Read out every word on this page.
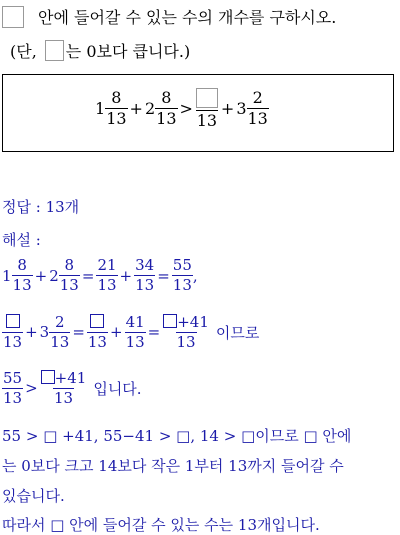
안에 들어갈 수 있는 수의 개수를 구하시오.
(단, 는 0보다 큽니다.)
$1 \frac{8}{13} + 2 \frac{8}{13}$ >
13
+ $3 \frac{2}{13}$
정답 : 13개
해설 :
$1 \frac{8}{13} + 2 \frac{8}{13} = \frac{21}{13} + \frac{34}{13} = \frac{55}{13}$ ,
13
+ $3 \frac{2}{13}$ =
13
+ $\frac{41}{13} = \frac{+41}{13}$ 이므로
$\frac{55}{13} > \frac{+41}{13}$ 입니다.
55 > □ +41, 55−41 > □, 14 > □이므로 □ 안에
는 0보다 크고 14보다 작은 1부터 13까지 들어갈 수
있습니다.
따라서 □ 안에 들어갈 수 있는 수는 13개입니다.
